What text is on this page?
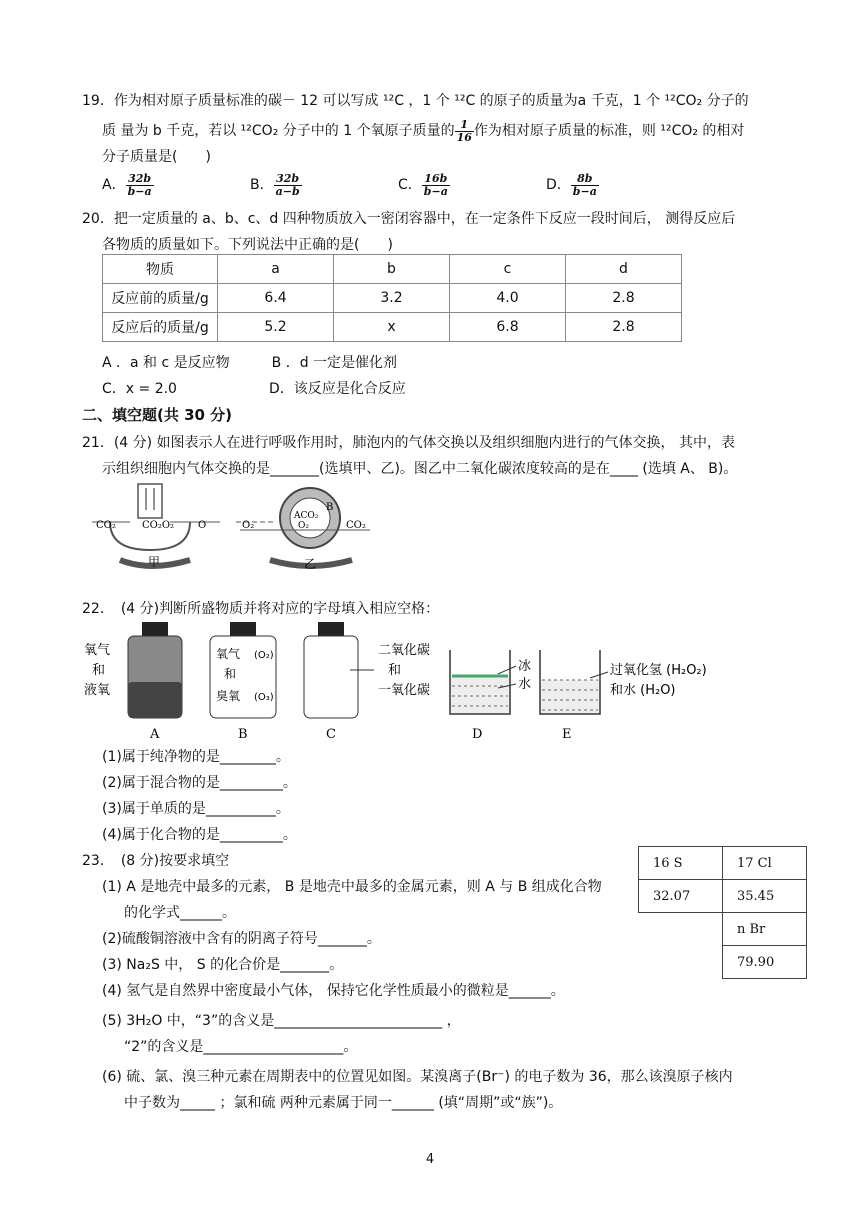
19．作为相对原子质量标准的碳－ 12 可以写成 ¹²C ，1 个 ¹²C 的原子的质量为a 千克，1 个 ¹²CO₂ 分子的

质 量为 b 千克，若以 ¹²CO₂ 分子中的 1 个氧原子质量的 $\frac{1}{16}$ 作为相对原子质量的标准，则 ¹²CO₂ 的相对

分子质量是(　　)

A． $\frac{32b}{b-a}$	B． $\frac{32b}{a-b}$	C． $\frac{16b}{b-a}$	D． $\frac{8b}{b-a}$

20．把一定质量的 a、b、c、d 四种物质放入一密闭容器中，在一定条件下反应一段时间后， 测得反应后

各物质的质量如下。下列说法中正确的是(　　)

物质	a	b	c	d
反应前的质量/g	6.4	3.2	4.0	2.8
反应后的质量/g	5.2	x	6.8	2.8

A ．a 和 c 是反应物	B ．d 一定是催化剂

C．x = 2.0	D．该反应是化合反应

二、填空题(共 30 分)

21．(4 分) 如图表示人在进行呼吸作用时，肺泡内的气体交换以及组织细胞内进行的气体交换， 其中，表

示组织细胞内气体交换的是_______(选填甲、乙)。图乙中二氧化碳浓度较高的是在____ (选填 A、 B)。

CO₂	CO₂O₂ O
甲
O₂
ACO₂
B
O₂	CO₂
乙

22．　(4 分)判断所盛物质并将对应的字母填入相应空格：

氧气
和
液氧
A
氧气 (O₂)
和
臭氧 (O₃)
B
二氧化碳
和
一氧化碳
C
冰
水
D
过氧化氢 (H₂O₂)
和水 (H₂O)
E

(1)属于纯净物的是________。

(2)属于混合物的是_________。

(3)属于单质的是__________。

(4)属于化合物的是_________。

23．　(8 分)按要求填空

(1) A 是地壳中最多的元素， B 是地壳中最多的金属元素，则 A 与 B 组成化合物

的化学式______。

(2)硫酸铜溶液中含有的阴离子符号_______。

(3) Na₂S 中， S 的化合价是_______。

(4) 氢气是自然界中密度最小气体， 保持它化学性质最小的微粒是______。

(5) 3H₂O 中，“3”的含义是________________________ ，

“2”的含义是____________________。

(6) 硫、氯、溴三种元素在周期表中的位置见如图。某溴离子(Br⁻) 的电子数为 36，那么该溴原子核内

中子数为_____ ；氯和硫 两种元素属于同一______ (填“周期”或“族”)。

16 S	17 Cl
32.07	35.45
	n Br
	79.90
4
